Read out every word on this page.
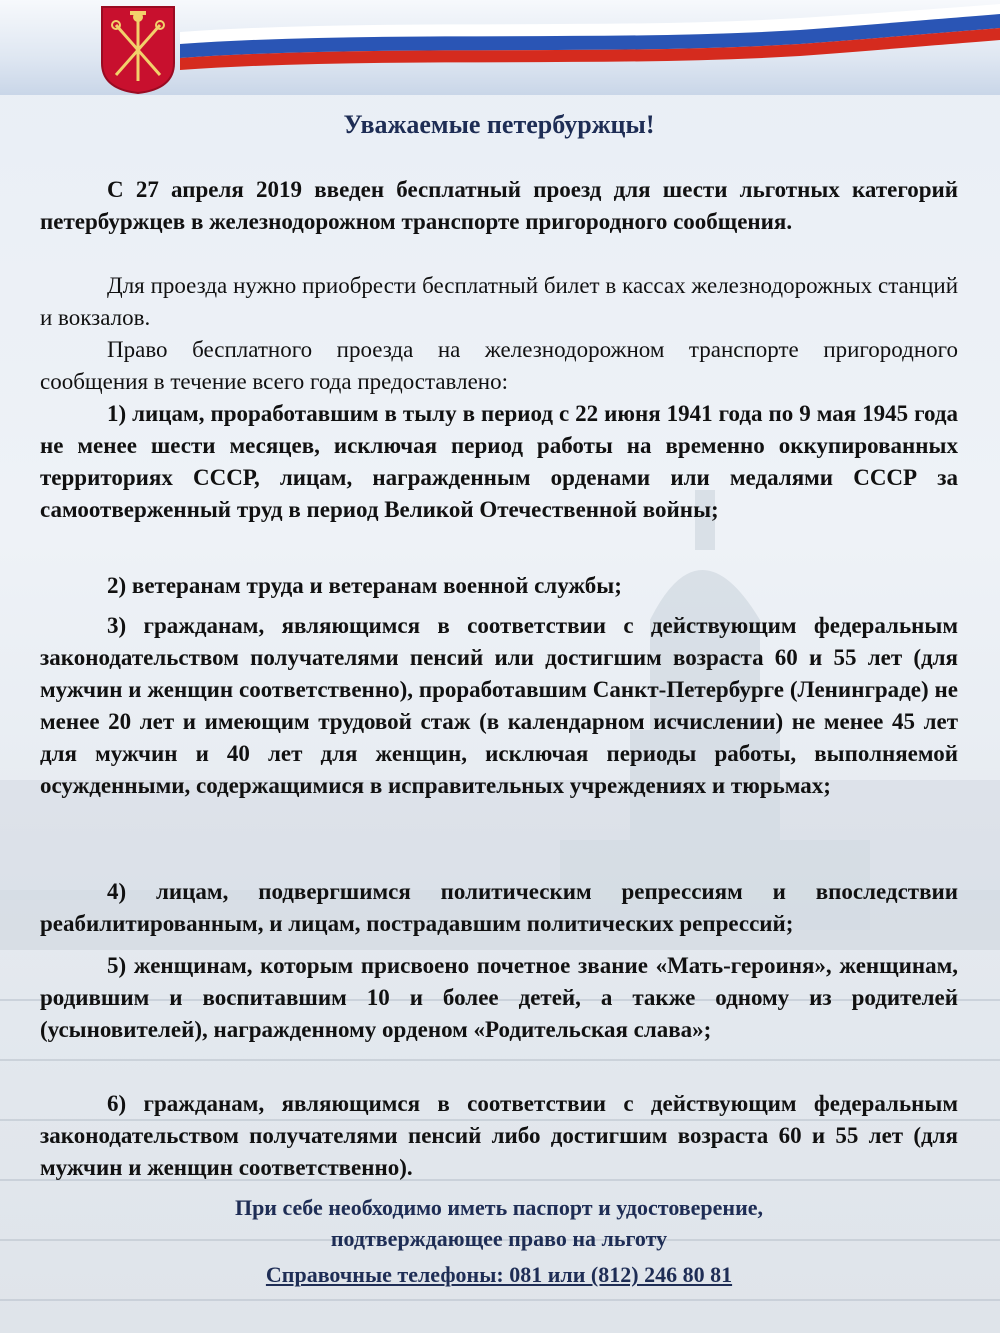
Уважаемые петербуржцы!
С 27 апреля 2019 введен бесплатный проезд для шести льготных категорий петербуржцев в железнодорожном транспорте пригородного сообщения.
Для проезда нужно приобрести бесплатный билет в кассах железнодорожных станций и вокзалов.
Право бесплатного проезда на железнодорожном транспорте пригородного сообщения в течение всего года предоставлено:
1) лицам, проработавшим в тылу в период с 22 июня 1941 года по 9 мая 1945 года не менее шести месяцев, исключая период работы на временно оккупированных территориях СССР, лицам, награжденным орденами или медалями СССР за самоотверженный труд в период Великой Отечественной войны;
2) ветеранам труда и ветеранам военной службы;
3) гражданам, являющимся в соответствии с действующим федеральным законодательством получателями пенсий или достигшим возраста 60 и 55 лет (для мужчин и женщин соответственно), проработавшим Санкт-Петербурге (Ленинграде) не менее 20 лет и имеющим трудовой стаж (в календарном исчислении) не менее 45 лет для мужчин и 40 лет для женщин, исключая периоды работы, выполняемой осужденными, содержащимися в исправительных учреждениях и тюрьмах;
4) лицам, подвергшимся политическим репрессиям и впоследствии реабилитированным, и лицам, пострадавшим политических репрессий;
5) женщинам, которым присвоено почетное звание «Мать-героиня», женщинам, родившим и воспитавшим 10 и более детей, а также одному из родителей (усыновителей), награжденному орденом «Родительская слава»;
6) гражданам, являющимся в соответствии с действующим федеральным законодательством получателями пенсий либо достигшим возраста 60 и 55 лет (для мужчин и женщин соответственно).
При себе необходимо иметь паспорт и удостоверение,
подтверждающее право на льготу
Справочные телефоны: 081 или (812) 246 80 81
